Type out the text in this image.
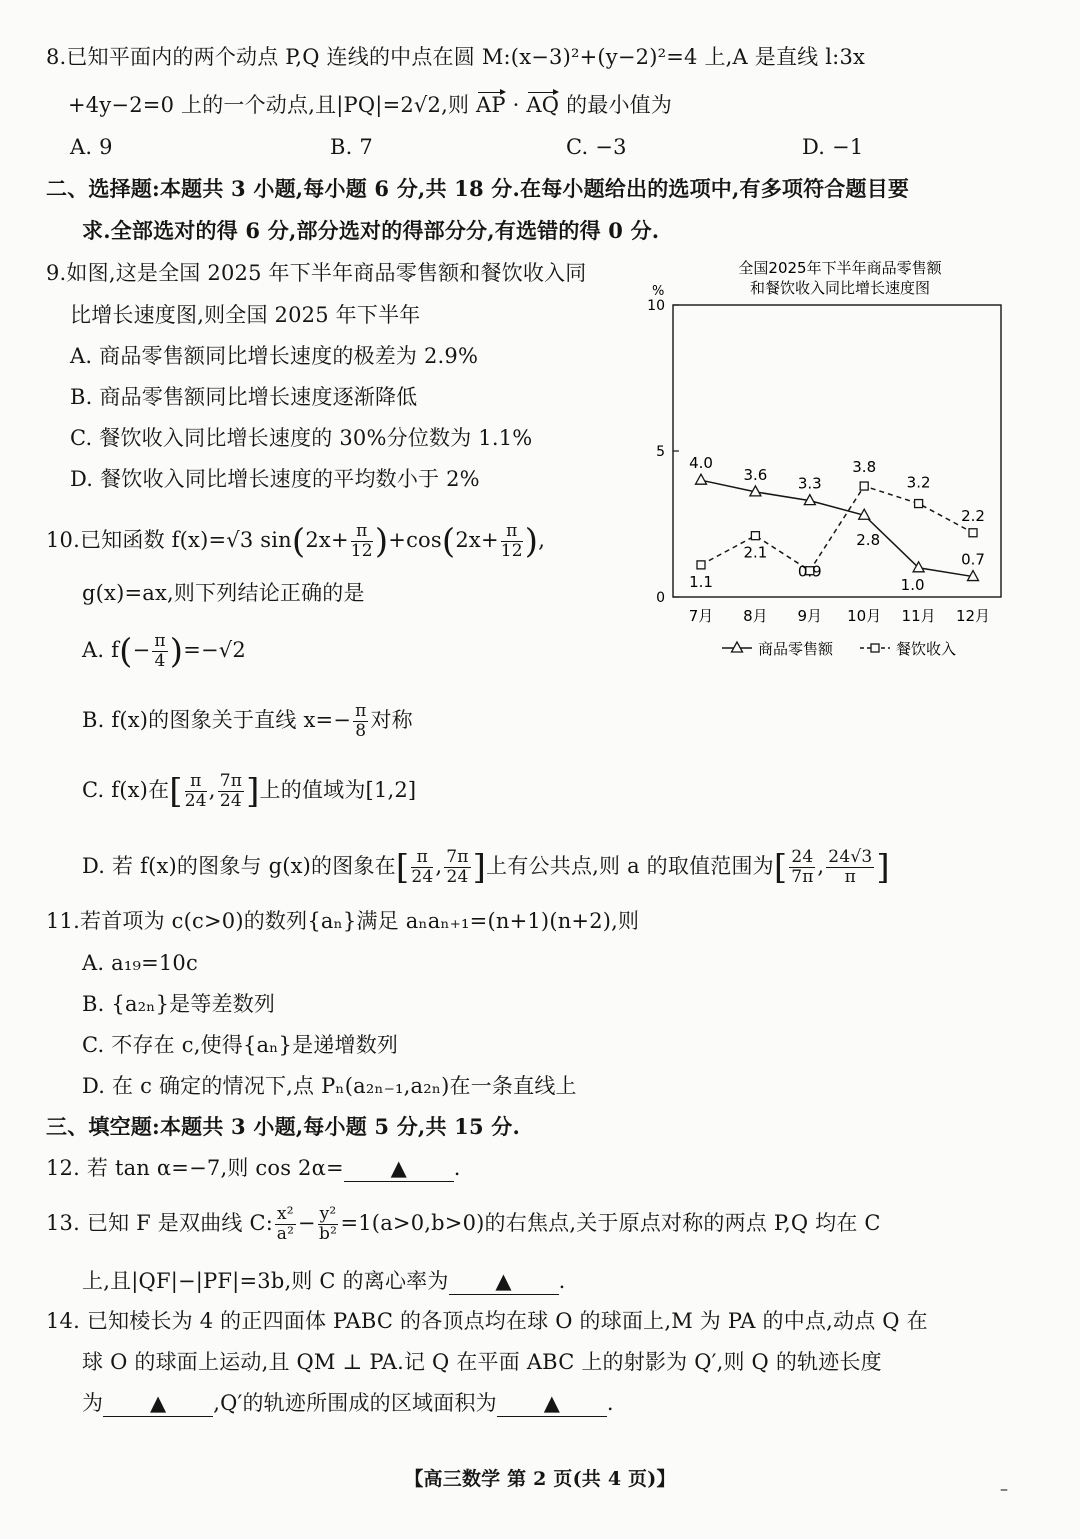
8.已知平面内的两个动点 P,Q 连线的中点在圆 M:(x−3)²+(y−2)²=4 上,A 是直线 l:3x
+4y−2=0 上的一个动点,且|PQ|=2√2,则 AP · AQ 的最小值为
A. 9	B. 7	C. −3	D. −1
二、选择题:本题共 3 小题,每小题 6 分,共 18 分.在每小题给出的选项中,有多项符合题目要
求.全部选对的得 6 分,部分选对的得部分分,有选错的得 0 分.
9.如图,这是全国 2025 年下半年商品零售额和餐饮收入同
比增长速度图,则全国 2025 年下半年
A. 商品零售额同比增长速度的极差为 2.9%
B. 商品零售额同比增长速度逐渐降低
C. 餐饮收入同比增长速度的 30%分位数为 1.1%
D. 餐饮收入同比增长速度的平均数小于 2%
全国2025年下半年商品零售额
和餐饮收入同比增长速度图
%
0
5
10
7月 8月 9月 10月 11月 12月
4.0
3.6 3.3
2.8
1.0
0.7
1.1
2.1
0.9
3.8
3.2
2.2
商品零售额	餐饮收入
10.已知函数 f(x)=√3 $\sin(2x+ \frac{\pi}{12} )+\cos(2x+ \frac{\pi}{12}$ ),
g(x)=ax,则下列结论正确的是
A. $f(- \frac{\pi}{4} )=-√2$
B. f(x)的图象关于直线 $x=- \frac{\pi}{8}$ 对称
C. f(x)在[ $\frac{\pi}{24}$ , $\frac{7\pi}{24}$ ]上的值域为[1,2]
D. 若 f(x)的图象与 g(x)的图象在[ $\frac{\pi}{24}$ , $\frac{7\pi}{24}$ ]上有公共点,则 a 的取值范围为[ $\frac{24}{7\pi}$ , $\frac{24√3}{\pi}$ ]
11.若首项为 c(c>0)的数列{aₙ}满足 aₙaₙ₊₁=(n+1)(n+2),则
A. a₁₉=10c
B. {a₂ₙ}是等差数列
C. 不存在 c,使得{aₙ}是递增数列
D. 在 c 确定的情况下,点 Pₙ(a₂ₙ₋₁,a₂ₙ)在一条直线上
三、填空题:本题共 3 小题,每小题 5 分,共 15 分.
12. 若 tan α=−7,则 cos 2α= ▲ .
13. 已知 F 是双曲线 C: $\frac{\text{x²}}{\text{a²}} - \frac{\text{y²}}{\text{b²}} =1(a>0,b>0)$的右焦点,关于原点对称的两点 P,Q 均在 C
上,且|QF|−|PF|=3b,则 C 的离心率为 ▲ .
14. 已知棱长为 4 的正四面体 PABC 的各顶点均在球 O 的球面上,M 为 PA 的中点,动点 Q 在
球 O 的球面上运动,且 QM ⊥ PA.记 Q 在平面 ABC 上的射影为 Q′,则 Q 的轨迹长度
为 ▲ ,Q′的轨迹所围成的区域面积为 ▲ .
【高三数学 第 2 页(共 4 页)】	–
